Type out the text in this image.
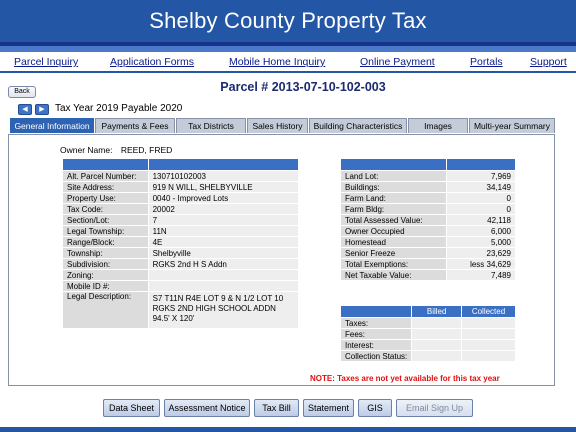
Shelby County Property Tax
Parcel Inquiry	Application Forms	Mobile Home Inquiry	Online Payment	Portals	Support
Back	Parcel # 2013-07-10-102-003
◀	▶	Tax Year 2019 Payable 2020
General Information	Payments & Fees	Tax Districts	Sales History	Building Characteristics	Images	Multi-year Summary
Owner Name: REED, FRED

Alt. Parcel Number:	130710102003
Site Address:	919 N WILL, SHELBYVILLE
Property Use:	0040 - Improved Lots
Tax Code:	20002
Section/Lot:	7
Legal Township:	11N
Range/Block:	4E
Township:	Shelbyville
Subdivision:	RGKS 2nd H S Addn
Zoning:	
Mobile ID #:	
Legal Description:	S7 T11N R4E LOT 9 & N 1/2 LOT 10
RGKS 2ND HIGH SCHOOL ADDN
94.5' X 120'

Land Lot:	7,969
Buildings:	34,149
Farm Land:	0
Farm Bldg:	0
Total Assessed Value:	42,118
Owner Occupied	6,000
Homestead	5,000
Senior Freeze	23,629
Total Exemptions:	less 34,629
Net Taxable Value:	7,489
	Billed	Collected
Taxes:		
Fees:		
Interest:		
Collection Status:		
NOTE: Taxes are not yet available for this tax year
Data Sheet	Assessment Notice	Tax Bill	Statement	GIS	Email Sign Up
